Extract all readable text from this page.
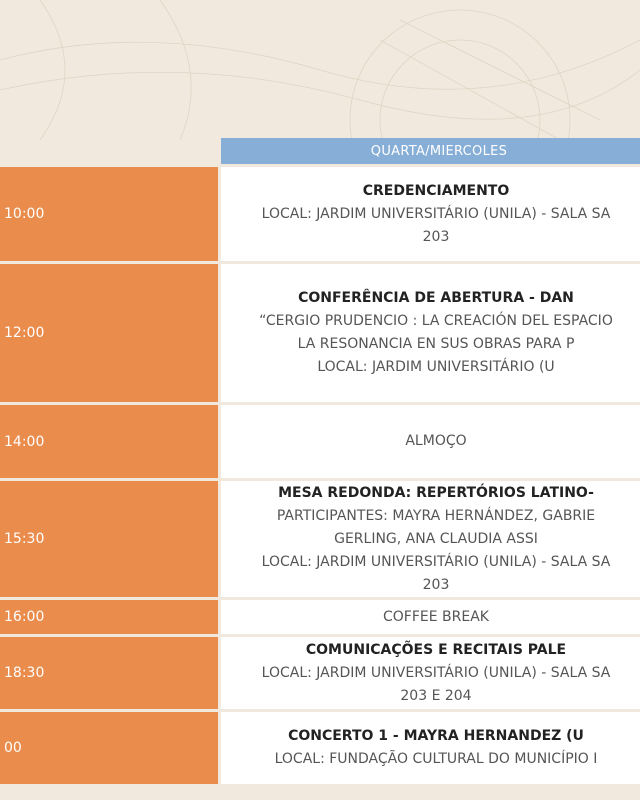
QUARTA/MIERCOLES
10:00
CREDENCIAMENTO
LOCAL: JARDIM UNIVERSITÁRIO (UNILA) - SALA SA
203
12:00
CONFERÊNCIA DE ABERTURA - DAN
“CERGIO PRUDENCIO : LA CREACIÓN DEL ESPACIO
LA RESONANCIA EN SUS OBRAS PARA P
LOCAL: JARDIM UNIVERSITÁRIO (U
14:00	ALMOÇO
15:30
MESA REDONDA: REPERTÓRIOS LATINO-
PARTICIPANTES: MAYRA HERNÁNDEZ, GABRIE
GERLING, ANA CLAUDIA ASSI
LOCAL: JARDIM UNIVERSITÁRIO (UNILA) - SALA SA
203
16:00	COFFEE BREAK
18:30
COMUNICAÇÕES E RECITAIS PALE
LOCAL: JARDIM UNIVERSITÁRIO (UNILA) - SALA SA
203 E 204
00
CONCERTO 1 - MAYRA HERNANDEZ (U
LOCAL: FUNDAÇÃO CULTURAL DO MUNICÍPIO I
